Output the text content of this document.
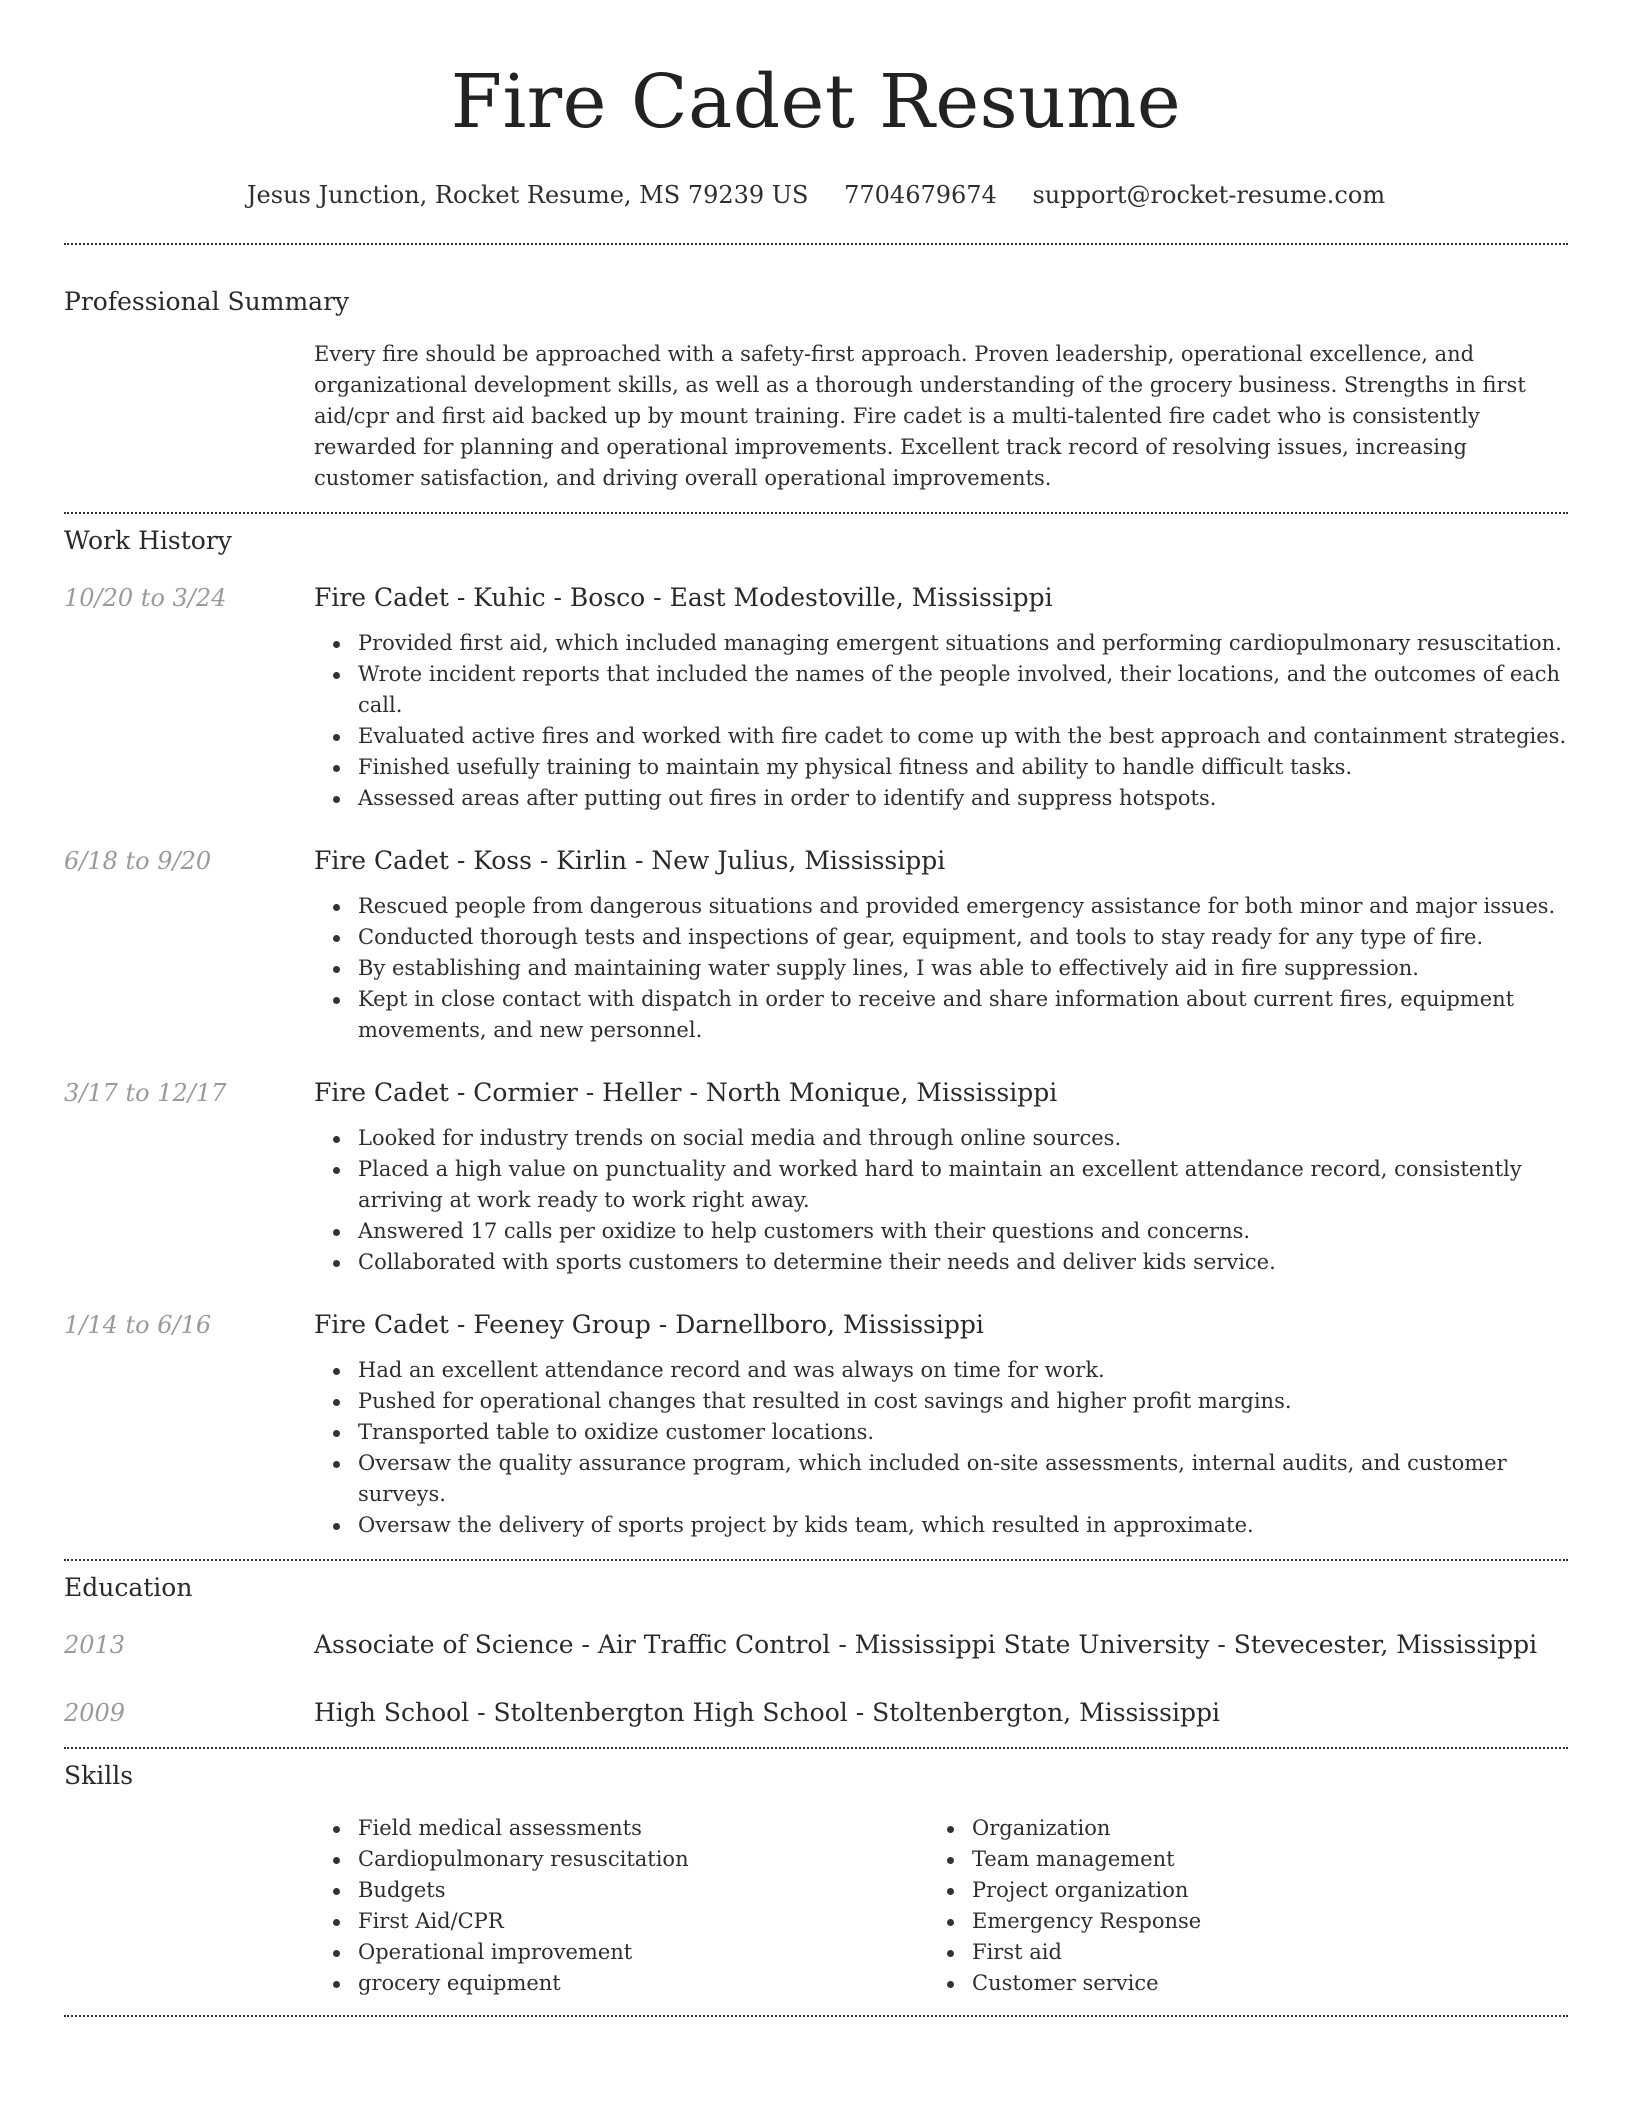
Fire Cadet Resume
Jesus Junction, Rocket Resume, MS 79239 US 7704679674 support@rocket-resume.com
Professional Summary
Every fire should be approached with a safety-first approach. Proven leadership, operational excellence, and organizational development skills, as well as a thorough understanding of the grocery business. Strengths in first aid/cpr and first aid backed up by mount training. Fire cadet is a multi-talented fire cadet who is consistently rewarded for planning and operational improvements. Excellent track record of resolving issues, increasing customer satisfaction, and driving overall operational improvements.
Work History
10/20 to 3/24	Fire Cadet - Kuhic - Bosco - East Modestoville, Mississippi
Provided first aid, which included managing emergent situations and performing cardiopulmonary resuscitation.
Wrote incident reports that included the names of the people involved, their locations, and the outcomes of each call.
Evaluated active fires and worked with fire cadet to come up with the best approach and containment strategies.
Finished usefully training to maintain my physical fitness and ability to handle difficult tasks.
Assessed areas after putting out fires in order to identify and suppress hotspots.
6/18 to 9/20	Fire Cadet - Koss - Kirlin - New Julius, Mississippi
Rescued people from dangerous situations and provided emergency assistance for both minor and major issues.
Conducted thorough tests and inspections of gear, equipment, and tools to stay ready for any type of fire.
By establishing and maintaining water supply lines, I was able to effectively aid in fire suppression.
Kept in close contact with dispatch in order to receive and share information about current fires, equipment movements, and new personnel.
3/17 to 12/17	Fire Cadet - Cormier - Heller - North Monique, Mississippi
Looked for industry trends on social media and through online sources.
Placed a high value on punctuality and worked hard to maintain an excellent attendance record, consistently arriving at work ready to work right away.
Answered 17 calls per oxidize to help customers with their questions and concerns.
Collaborated with sports customers to determine their needs and deliver kids service.
1/14 to 6/16	Fire Cadet - Feeney Group - Darnellboro, Mississippi
Had an excellent attendance record and was always on time for work.
Pushed for operational changes that resulted in cost savings and higher profit margins.
Transported table to oxidize customer locations.
Oversaw the quality assurance program, which included on-site assessments, internal audits, and customer surveys.
Oversaw the delivery of sports project by kids team, which resulted in approximate.
Education
2013	Associate of Science - Air Traffic Control - Mississippi State University - Stevecester, Mississippi
2009	High School - Stoltenbergton High School - Stoltenbergton, Mississippi
Skills
Field medical assessments
Cardiopulmonary resuscitation
Budgets
First Aid/CPR
Operational improvement
grocery equipment
Organization
Team management
Project organization
Emergency Response
First aid
Customer service
